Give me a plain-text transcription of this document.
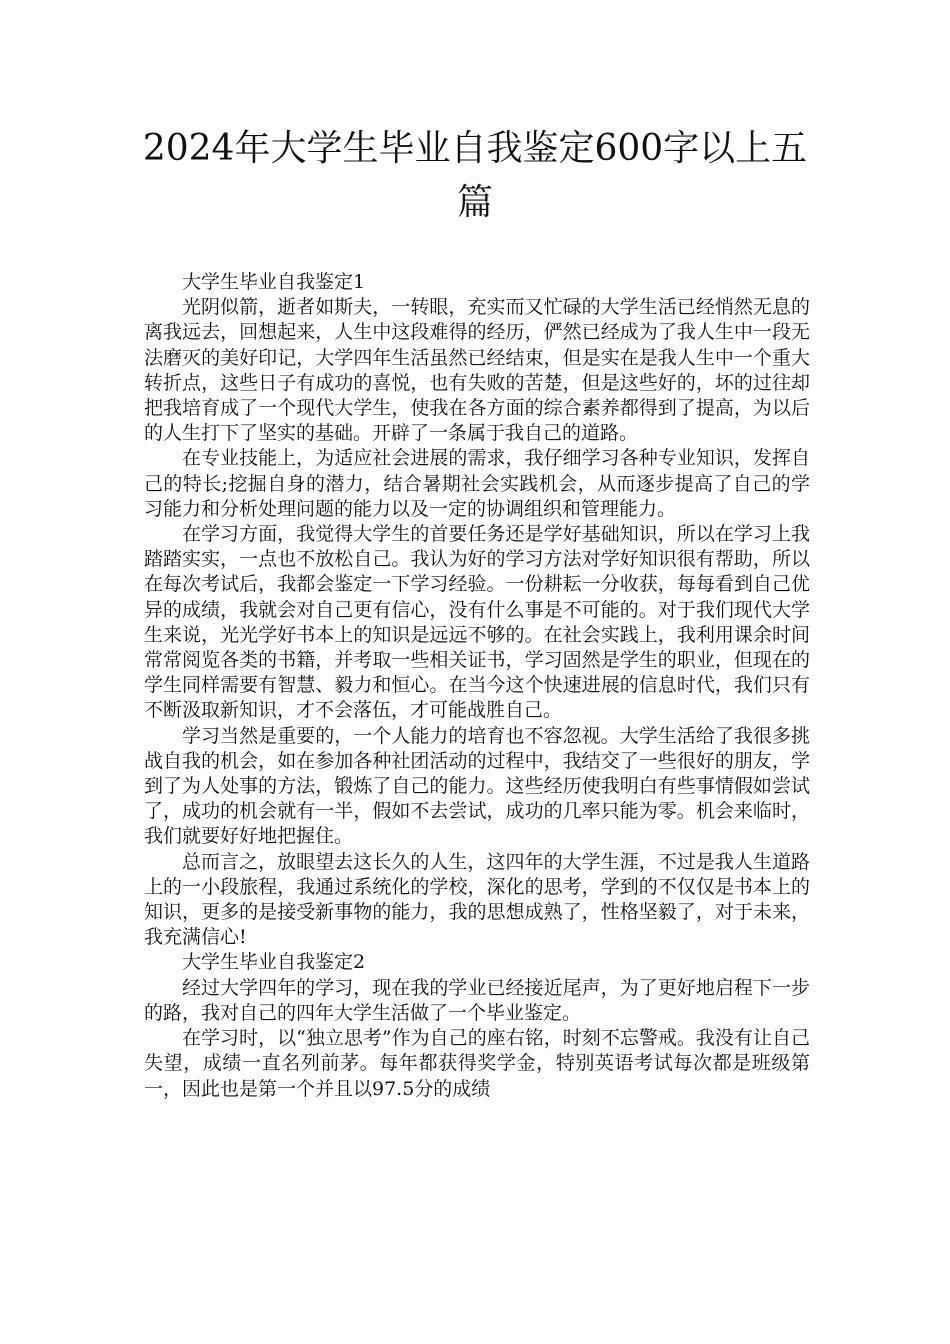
2024年大学生毕业自我鉴定600字以上五篇

大学生毕业自我鉴定1

光阴似箭，逝者如斯夫，一转眼，充实而又忙碌的大学生活已经悄然无息的离我远去，回想起来，人生中这段难得的经历，俨然已经成为了我人生中一段无法磨灭的美好印记，大学四年生活虽然已经结束，但是实在是我人生中一个重大转折点，这些日子有成功的喜悦，也有失败的苦楚，但是这些好的，坏的过往却把我培育成了一个现代大学生，使我在各方面的综合素养都得到了提高，为以后的人生打下了坚实的基础。开辟了一条属于我自己的道路。

在专业技能上，为适应社会进展的需求，我仔细学习各种专业知识，发挥自己的特长;挖掘自身的潜力，结合暑期社会实践机会，从而逐步提高了自己的学习能力和分析处理问题的能力以及一定的协调组织和管理能力。

在学习方面，我觉得大学生的首要任务还是学好基础知识，所以在学习上我踏踏实实，一点也不放松自己。我认为好的学习方法对学好知识很有帮助，所以在每次考试后，我都会鉴定一下学习经验。一份耕耘一分收获，每每看到自己优异的成绩，我就会对自己更有信心，没有什么事是不可能的。对于我们现代大学生来说，光光学好书本上的知识是远远不够的。在社会实践上，我利用课余时间常常阅览各类的书籍，并考取一些相关证书，学习固然是学生的职业，但现在的学生同样需要有智慧、毅力和恒心。在当今这个快速进展的信息时代，我们只有不断汲取新知识，才不会落伍，才可能战胜自己。

学习当然是重要的，一个人能力的培育也不容忽视。大学生活给了我很多挑战自我的机会，如在参加各种社团活动的过程中，我结交了一些很好的朋友，学到了为人处事的方法，锻炼了自己的能力。这些经历使我明白有些事情假如尝试了，成功的机会就有一半，假如不去尝试，成功的几率只能为零。机会来临时，我们就要好好地把握住。

总而言之，放眼望去这长久的人生，这四年的大学生涯，不过是我人生道路上的一小段旅程，我通过系统化的学校，深化的思考，学到的不仅仅是书本上的知识，更多的是接受新事物的能力，我的思想成熟了，性格坚毅了，对于未来，我充满信心!

大学生毕业自我鉴定2

经过大学四年的学习，现在我的学业已经接近尾声，为了更好地启程下一步的路，我对自己的四年大学生活做了一个毕业鉴定。

在学习时，以“独立思考”作为自己的座右铭，时刻不忘警戒。我没有让自己失望，成绩一直名列前茅。每年都获得奖学金，特别英语考试每次都是班级第一，因此也是第一个并且以97.5分的成绩
